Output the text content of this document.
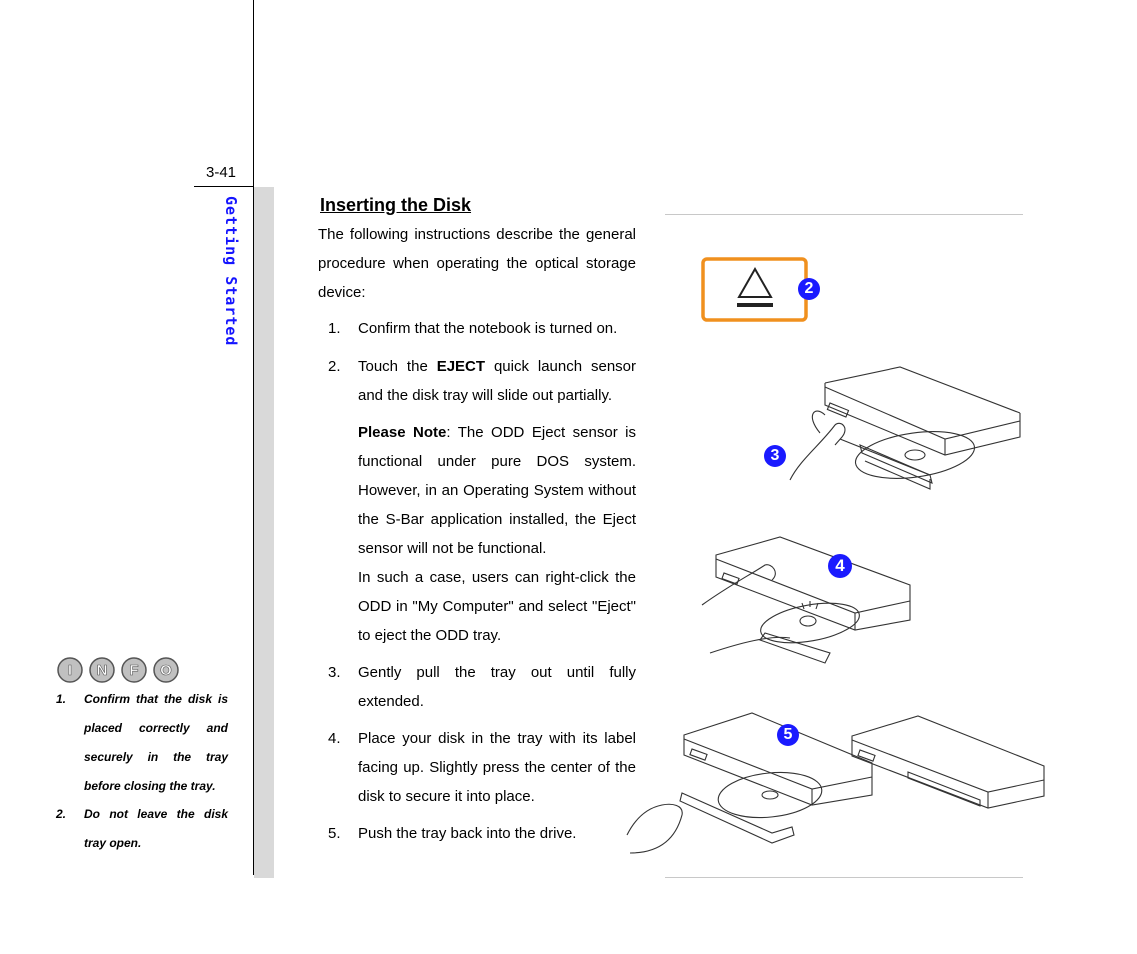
3-41
Getting Started	Inserting the Disk
The following instructions describe the general procedure when operating the optical storage device:
1. Confirm that the notebook is turned on.
2. Touch the EJECT quick launch sensor and the disk tray will slide out partially.
Please Note: The ODD Eject sensor is functional under pure DOS system. However, in an Operating System without the S-Bar application installed, the Eject sensor will not be functional.
In such a case, users can right-click the ODD in "My Computer" and select "Eject" to eject the ODD tray.
3. Gently pull the tray out until fully extended.
4. Place your disk in the tray with its label facing up. Slightly press the center of the disk to secure it into place.
5. Push the tray back into the drive.
I N F O
1. Confirm that the disk is placed correctly and securely in the tray before closing the tray.
2. Do not leave the disk tray open.
2
3
4
5
